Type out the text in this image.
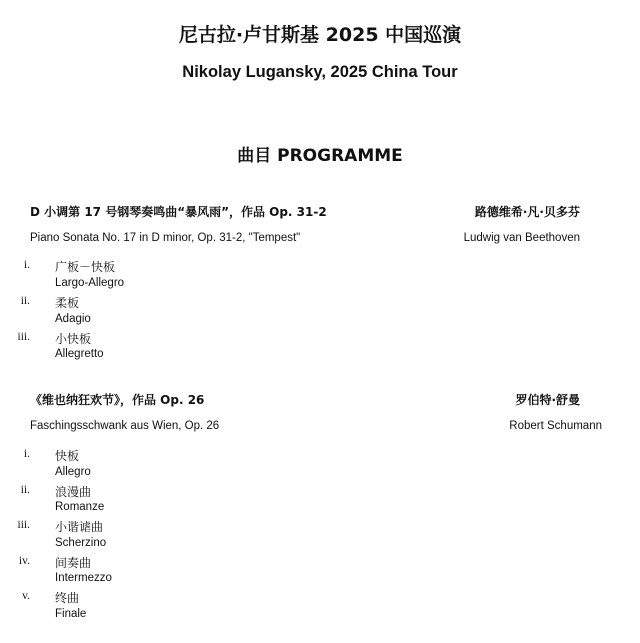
尼古拉·卢甘斯基 2025 中国巡演
Nikolay Lugansky, 2025 China Tour
曲目 PROGRAMME
D 小调第 17 号钢琴奏鸣曲“暴风雨”，作品 Op. 31-2	路德维希·凡·贝多芬
Piano Sonata No. 17 in D minor, Op. 31-2, "Tempest"	Ludwig van Beethoven
i. 广板－快板
Largo-Allegro
ii. 柔板
Adagio
iii. 小快板
Allegretto
《维也纳狂欢节》，作品 Op. 26	罗伯特·舒曼
Faschingsschwank aus Wien, Op. 26	Robert Schumann
i. 快板
Allegro
ii. 浪漫曲
Romanze
iii. 小谐谑曲
Scherzino
iv. 间奏曲
Intermezzo
v. 终曲
Finale
